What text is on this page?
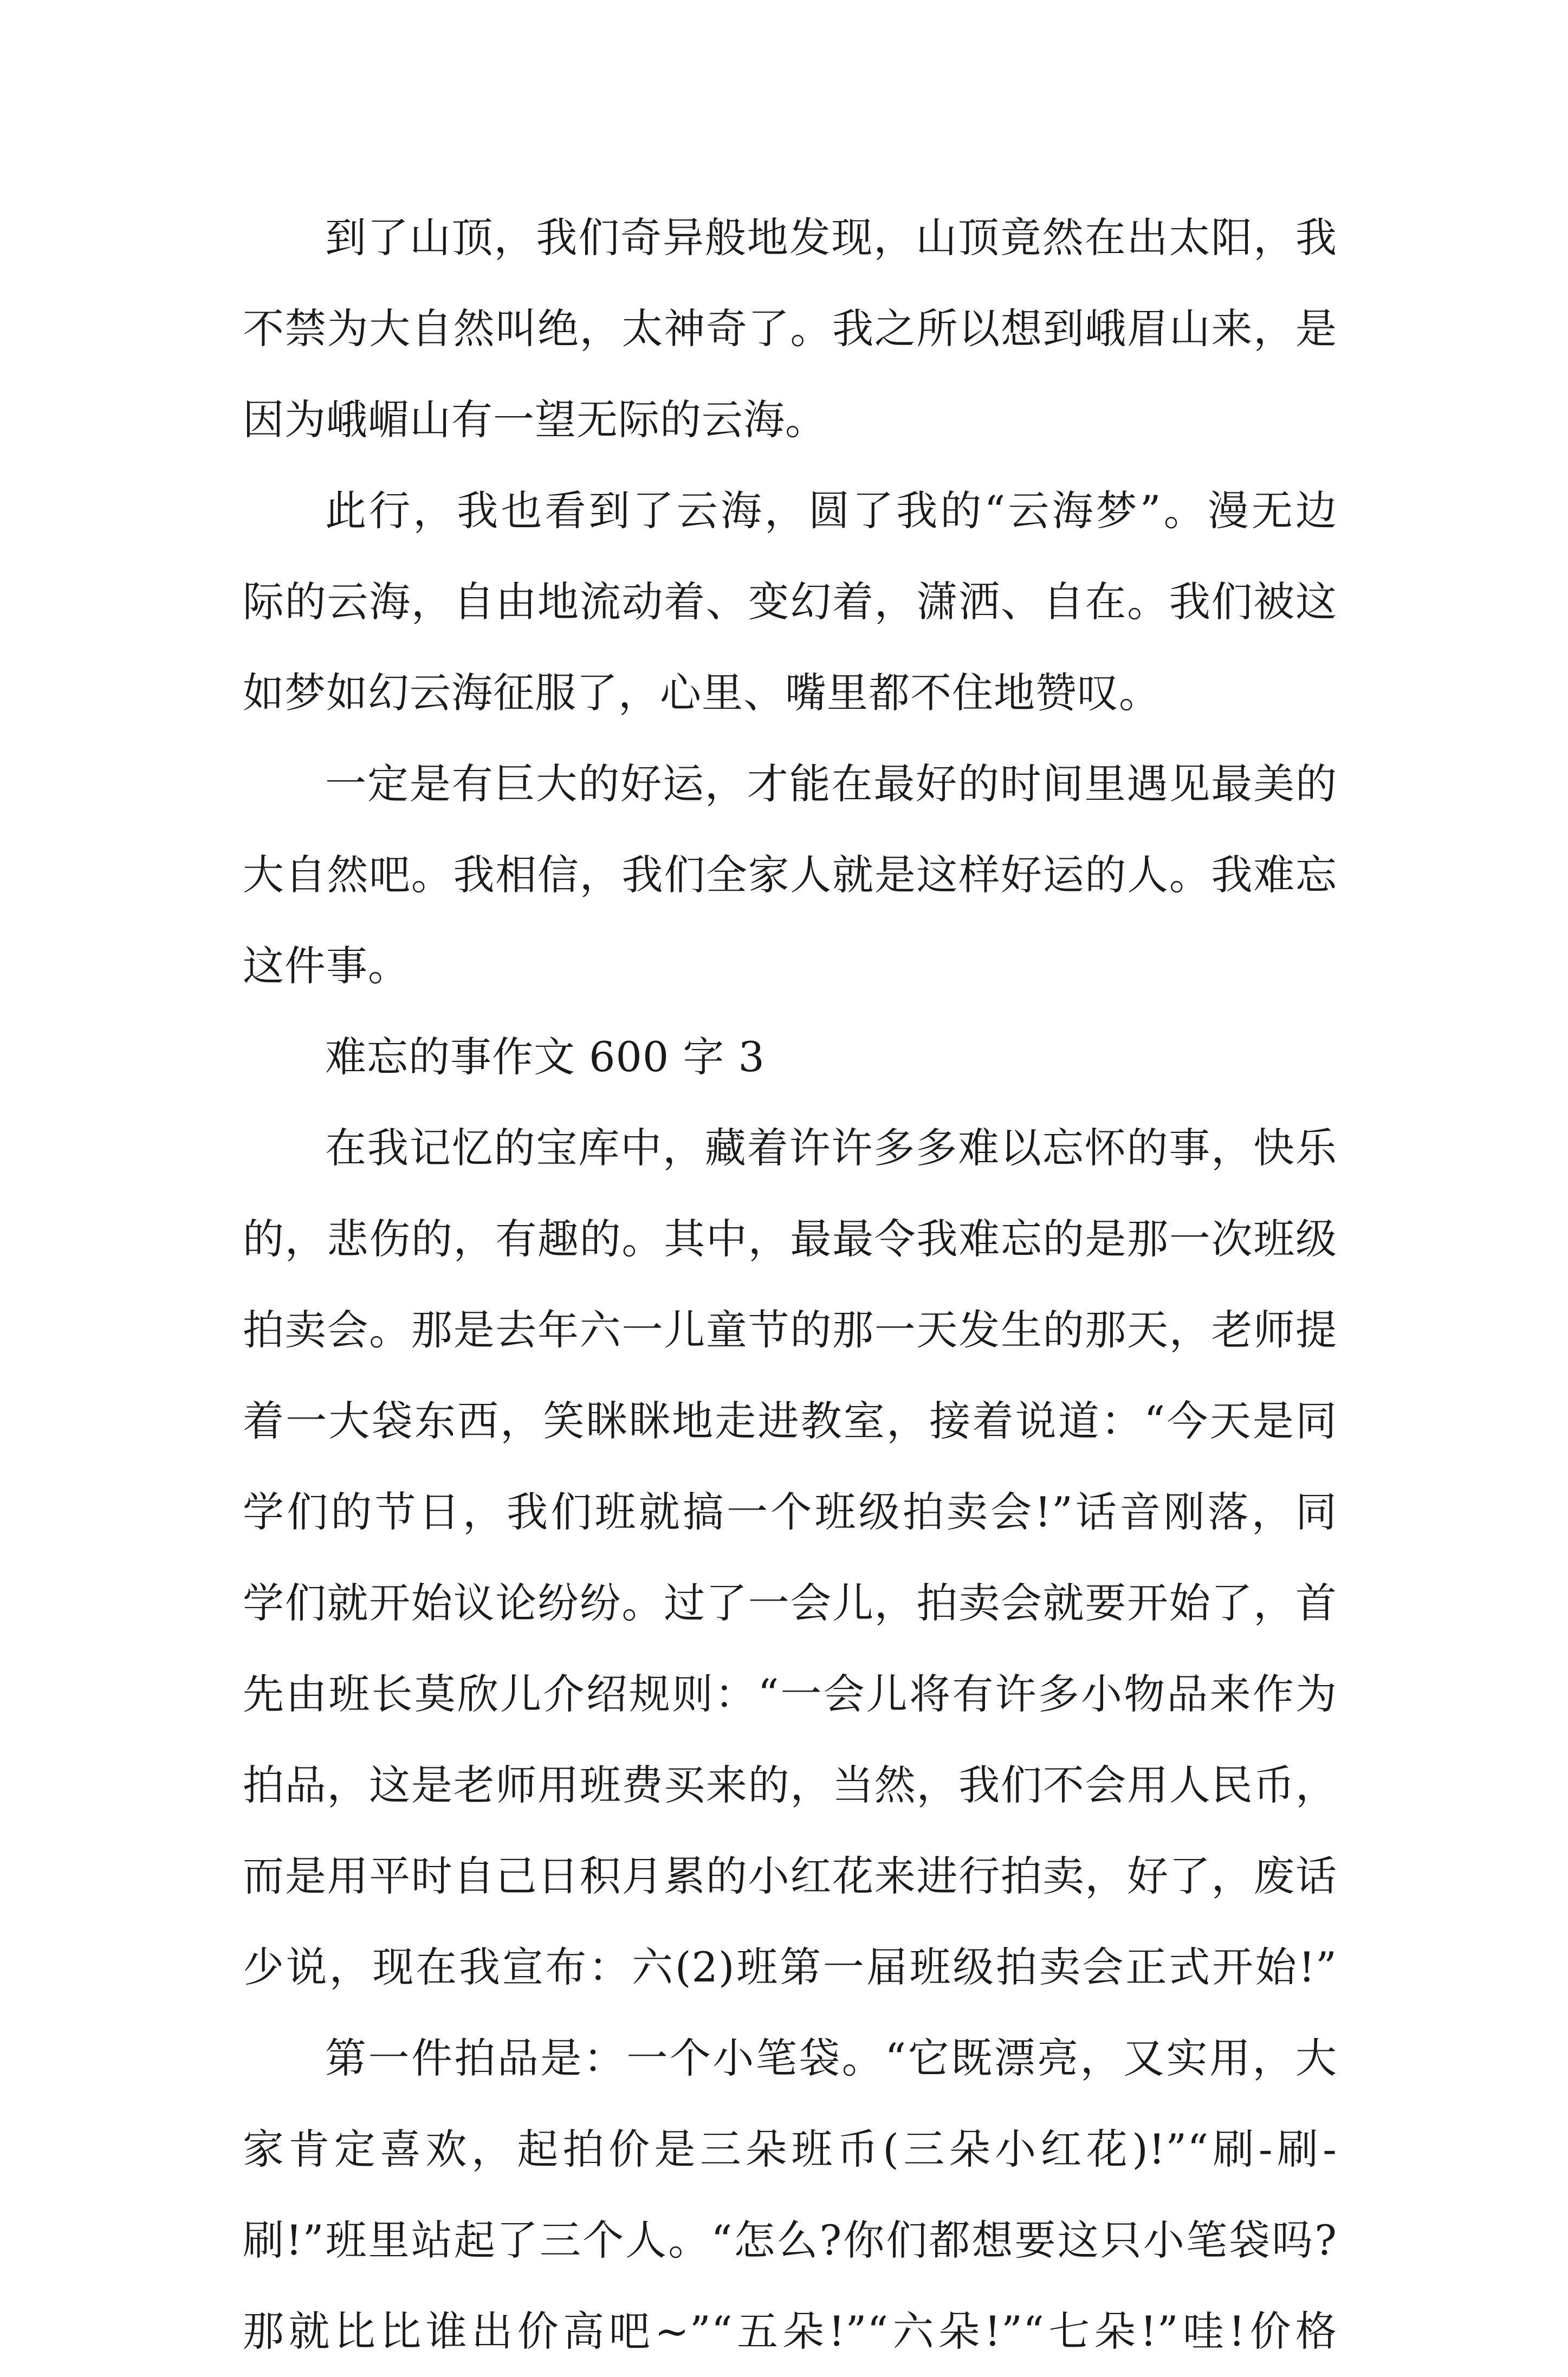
到了山顶，我们奇异般地发现，山顶竟然在出太阳，我
不禁为大自然叫绝，太神奇了。我之所以想到峨眉山来，是
因为峨嵋山有一望无际的云海。
此行，我也看到了云海，圆了我的“云海梦”。漫无边
际的云海，自由地流动着、变幻着，潇洒、自在。我们被这
如梦如幻云海征服了，心里、嘴里都不住地赞叹。
一定是有巨大的好运，才能在最好的时间里遇见最美的
大自然吧。我相信，我们全家人就是这样好运的人。我难忘
这件事。
难忘的事作文 600 字 3
在我记忆的宝库中，藏着许许多多难以忘怀的事，快乐
的，悲伤的，有趣的。其中，最最令我难忘的是那一次班级
拍卖会。那是去年六一儿童节的那一天发生的那天，老师提
着一大袋东西，笑眯眯地走进教室，接着说道：“今天是同
学们的节日，我们班就搞一个班级拍卖会!”话音刚落，同
学们就开始议论纷纷。过了一会儿，拍卖会就要开始了，首
先由班长莫欣儿介绍规则：“一会儿将有许多小物品来作为
拍品，这是老师用班费买来的，当然，我们不会用人民币，
而是用平时自己日积月累的小红花来进行拍卖，好了，废话
少说，现在我宣布：六(2)班第一届班级拍卖会正式开始!”
第一件拍品是：一个小笔袋。“它既漂亮，又实用，大
家肯定喜欢，起拍价是三朵班币(三朵小红花)!”“刷-刷-
刷!”班里站起了三个人。“怎么?你们都想要这只小笔袋吗?
那就比比谁出价高吧~”“五朵!”“六朵!”“七朵!”哇!价格
